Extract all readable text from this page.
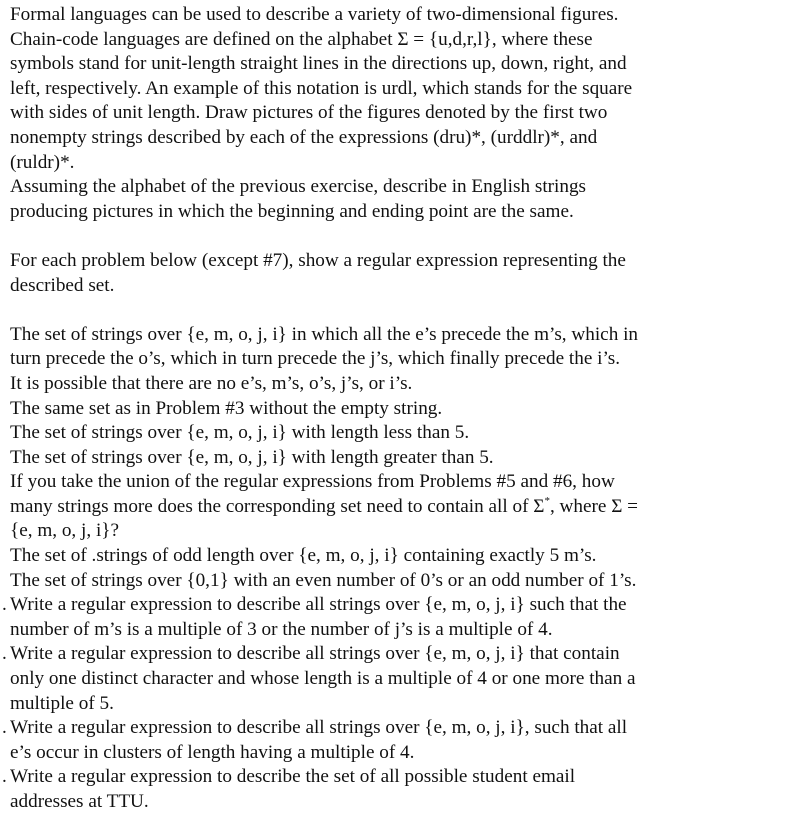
Formal languages can be used to describe a variety of two-dimensional figures.

Chain-code languages are defined on the alphabet Σ = {u,d,r,l}, where these

symbols stand for unit-length straight lines in the directions up, down, right, and

left, respectively. An example of this notation is urdl, which stands for the square

with sides of unit length. Draw pictures of the figures denoted by the first two

nonempty strings described by each of the expressions (dru)*, (urddlr)*, and

(ruldr)*.

Assuming the alphabet of the previous exercise, describe in English strings

producing pictures in which the beginning and ending point are the same.

For each problem below (except #7), show a regular expression representing the

described set.

The set of strings over {e, m, o, j, i} in which all the e’s precede the m’s, which in

turn precede the o’s, which in turn precede the j’s, which finally precede the i’s.

It is possible that there are no e’s, m’s, o’s, j’s, or i’s.

The same set as in Problem #3 without the empty string.

The set of strings over {e, m, o, j, i} with length less than 5.

The set of strings over {e, m, o, j, i} with length greater than 5.

If you take the union of the regular expressions from Problems #5 and #6, how

many strings more does the corresponding set need to contain all of Σ*, where Σ =

{e, m, o, j, i}?

The set of .strings of odd length over {e, m, o, j, i} containing exactly 5 m’s.

The set of strings over {0,1} with an even number of 0’s or an odd number of 1’s.

. Write a regular expression to describe all strings over {e, m, o, j, i} such that the

number of m’s is a multiple of 3 or the number of j’s is a multiple of 4.

. Write a regular expression to describe all strings over {e, m, o, j, i} that contain

only one distinct character and whose length is a multiple of 4 or one more than a

multiple of 5.

. Write a regular expression to describe all strings over {e, m, o, j, i}, such that all

e’s occur in clusters of length having a multiple of 4.

. Write a regular expression to describe the set of all possible student email

addresses at TTU.
